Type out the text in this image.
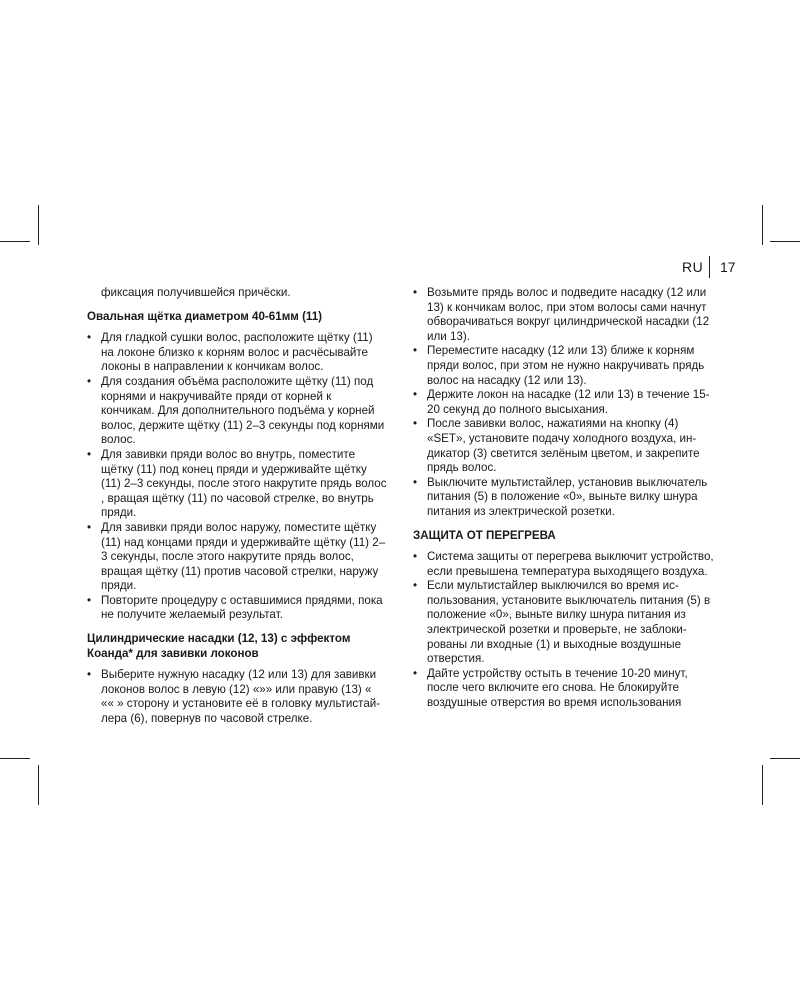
RU 17

фиксация получившейся причёски.

Овальная щётка диаметром 40-61мм (11)

• Для гладкой сушки волос, расположите щётку (11) на локоне близко к корням волос и расчёсывайте локоны в направлении к кончикам волос.
• Для создания объёма расположите щётку (11) под корнями и накручивайте пряди от корней к кончикам. Для дополнительного подъёма у корней волос, держите щётку (11) 2–3 секунды под корнями волос.
• Для завивки пряди волос во внутрь, поместите щётку (11) под конец пряди и удерживайте щётку (11) 2–3 секунды, после этого накрутите прядь волос , вращая щётку (11) по часовой стрелке, во внутрь пряди.
• Для завивки пряди волос наружу, поместите щётку (11) над концами пряди и удерживайте щётку (11) 2–3 секунды, после этого накрутите прядь волос, вращая щётку (11) против часовой стрелки, наружу пряди.
• Повторите процедуру с оставшимися прядями, пока не получите желаемый результат.

Цилиндрические насадки (12, 13) с эффектом Коанда* для завивки локонов

• Выберите нужную насадку (12 или 13) для завивки локонов волос в левую (12) «»» или правую (13) « «« » сторону и установите её в головку мультистайлера (6), повернув по часовой стрелке.
• Возьмите прядь волос и подведите насадку (12 или 13) к кончикам волос, при этом волосы сами начнут обворачиваться вокруг цилиндрической насадки (12 или 13).
• Переместите насадку (12 или 13) ближе к корням пряди волос, при этом не нужно накручивать прядь волос на насадку (12 или 13).
• Держите локон на насадке (12 или 13) в течение 15- 20 секунд до полного высыхания.
• После завивки волос, нажатиями на кнопку (4) «SET», установите подачу холодного воздуха, индикатор (3) светится зелёным цветом, и закрепите прядь волос.
• Выключите мультистайлер, установив выключатель питания (5) в положение «0», выньте вилку шнура питания из электрической розетки.

ЗАЩИТА ОТ ПЕРЕГРЕВА

• Система защиты от перегрева выключит устройство, если превышена температура выходящего воздуха.
• Если мультистайлер выключился во время использования, установите выключатель питания (5) в положение «0», выньте вилку шнура питания из электрической розетки и проверьте, не заблокированы ли входные (1) и выходные воздушные отверстия.
• Дайте устройству остыть в течение 10-20 минут, после чего включите его снова. Не блокируйте воздушные отверстия во время использования
